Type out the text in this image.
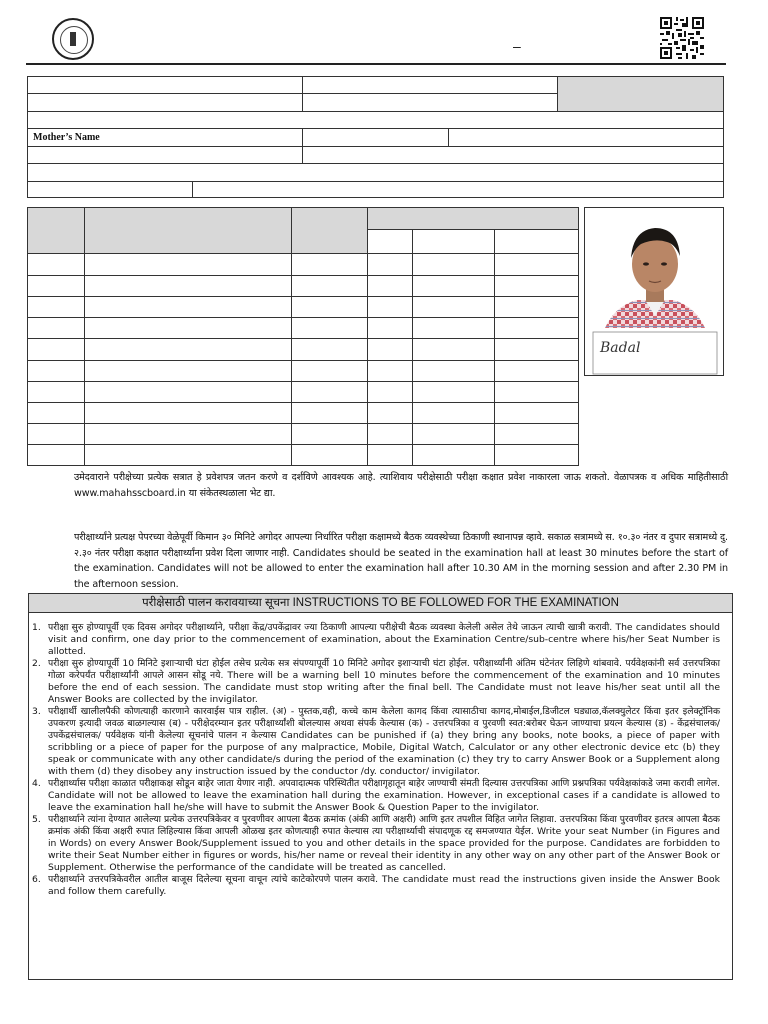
–
Mother’s Name
Badal
उमेदवाराने परीक्षेच्या प्रत्येक सत्रात हे प्रवेशपत्र जतन करणे व दर्शविणे आवश्यक आहे. त्याशिवाय परीक्षेसाठी परीक्षा कक्षात प्रवेश नाकारला जाऊ शकतो. वेळापत्रक व अधिक माहितीसाठी www.mahahsscboard.in या संकेतस्थळाला भेट द्या.
परीक्षार्थ्यांने प्रत्यक्ष पेपरच्या वेळेपूर्वी किमान ३० मिनिटे अगोदर आपल्या निर्धारित परीक्षा कक्षामध्ये बैठक व्यवस्थेच्या ठिकाणी स्थानापन्न व्हावे. सकाळ सत्रामध्ये स. १०.३० नंतर व दुपार सत्रामध्ये दु. २.३० नंतर परीक्षा कक्षात परीक्षार्थ्यांना प्रवेश दिला जाणार नाही. Candidates should be seated in the examination hall at least 30 minutes before the start of the examination. Candidates will not be allowed to enter the examination hall after 10.30 AM in the morning session and after 2.30 PM in the afternoon session.
परीक्षेसाठी पालन करावयाच्या सूचना INSTRUCTIONS TO BE FOLLOWED FOR THE EXAMINATION
1. परीक्षा सुरु होण्यापूर्वी एक दिवस अगोदर परीक्षार्थ्याने, परीक्षा केंद्र/उपकेंद्रावर ज्या ठिकाणी आपल्या परीक्षेची बैठक व्यवस्था केलेली असेल तेथे जाऊन त्याची खात्री करावी. The candidates should visit and confirm, one day prior to the commencement of examination, about the Examination Centre/sub-centre where his/her Seat Number is allotted.
2. परीक्षा सुरु होण्यापूर्वी 10 मिनिटे इशाऱ्याची घंटा होईल तसेच प्रत्येक सत्र संपण्यापूर्वी 10 मिनिटे अगोदर इशाऱ्याची घंटा होईल. परीक्षार्थ्यांनी अंतिम घंटेनंतर लिहिणे थांबवावे. पर्यवेक्षकांनी सर्व उत्तरपत्रिका गोळा करेपर्यंत परीक्षार्थ्यांनी आपले आसन सोडू नये. There will be a warning bell 10 minutes before the commencement of the examination and 10 minutes before the end of each session. The candidate must stop writing after the final bell. The Candidate must not leave his/her seat until all the Answer Books are collected by the invigilator.
3. परीक्षार्थी खालीलपैकी कोणत्याही कारणाने कारवाईस पात्र राहील. (अ) - पुस्तक,वही, कच्चे काम केलेला कागद किंवा त्यासाठीचा कागद,मोबाईल,डिजीटल घड्याळ,कॅलक्युलेटर किंवा इतर इलेक्ट्रॉनिक उपकरण इत्यादी जवळ बाळगल्यास (ब) - परीक्षेदरम्यान इतर परीक्षार्थ्यांशी बोलल्यास अथवा संपर्क केल्यास (क) - उत्तरपत्रिका व पुरवणी स्वत:बरोबर घेऊन जाण्याचा प्रयत्न केल्यास (ड) - केंद्रसंचालक/उपकेंद्रसंचालक/ पर्यवेक्षक यांनी केलेल्या सूचनांचे पालन न केल्यास Candidates can be punished if (a) they bring any books, note books, a piece of paper with scribbling or a piece of paper for the purpose of any malpractice, Mobile, Digital Watch, Calculator or any other electronic device etc (b) they speak or communicate with any other candidate/s during the period of the examination (c) they try to carry Answer Book or a Supplement along with them (d) they disobey any instruction issued by the conductor /dy. conductor/ invigilator.
4. परीक्षार्थ्यास परीक्षा काळात परीक्षाकक्ष सोडून बाहेर जाता येणार नाही. अपवादात्मक परिस्थितीत परीक्षागृहातून बाहेर जाण्याची संमती दिल्यास उत्तरपत्रिका आणि प्रश्नपत्रिका पर्यवेक्षकांकडे जमा करावी लागेल. Candidate will not be allowed to leave the examination hall during the examination. However, in exceptional cases if a candidate is allowed to leave the examination hall he/she will have to submit the Answer Book & Question Paper to the invigilator.
5. परीक्षार्थ्याने त्यांना देण्यात आलेल्या प्रत्येक उत्तरपत्रिकेवर व पुरवणीवर आपला बैठक क्रमांक (अंकी आणि अक्षरी) आणि इतर तपशील विहित जागेत लिहावा. उत्तरपत्रिका किंवा पुरवणीवर इतरत्र आपला बैठक क्रमांक अंकी किंवा अक्षरी रुपात लिहिल्यास किंवा आपली ओळख इतर कोणत्याही रुपात केल्यास त्या परीक्षार्थ्याची संपादणूक रद्द समजण्यात येईल. Write your seat Number (in Figures and in Words) on every Answer Book/Supplement issued to you and other details in the space provided for the purpose. Candidates are forbidden to write their Seat Number either in figures or words, his/her name or reveal their identity in any other way on any other part of the Answer Book or Supplement. Otherwise the performance of the candidate will be treated as cancelled.
6. परीक्षार्थ्याने उत्तरपत्रिकेवरील आतील बाजूस दिलेल्या सूचना वाचून त्यांचे काटेकोरपणे पालन करावे. The candidate must read the instructions given inside the Answer Book and follow them carefully.
